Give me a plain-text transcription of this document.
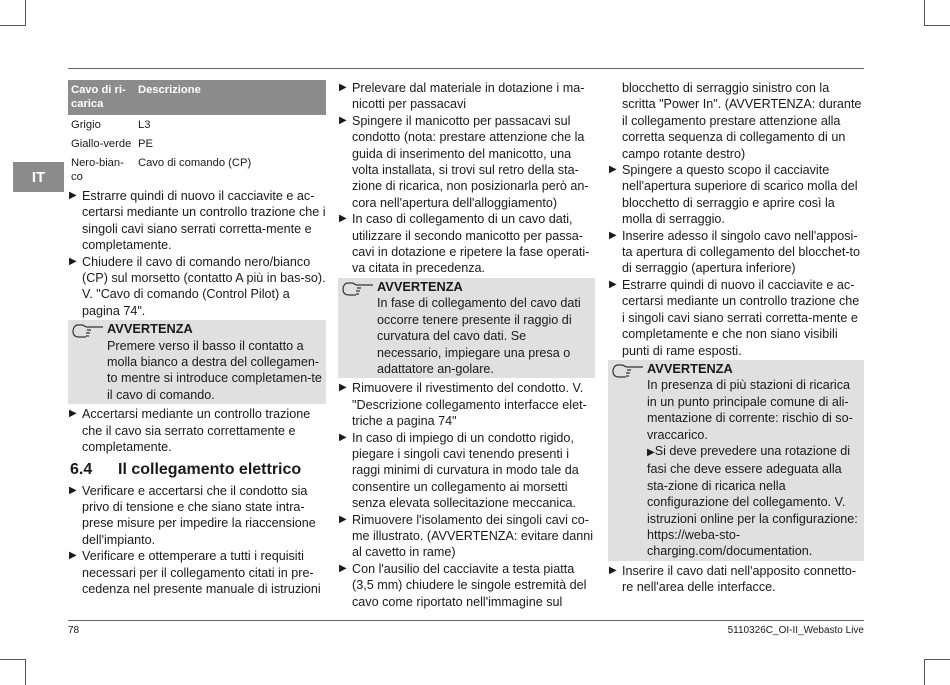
IT
Cavo di ri-carica	Descrizione
Grigio	L3
Giallo-verde	PE
Nero-bian-co	Cavo di comando (CP)
▶ Estrarre quindi di nuovo il cacciavite e ac-certarsi mediante un controllo trazione che i singoli cavi siano serrati corretta-mente e completamente.
▶ Chiudere il cavo di comando nero/bianco (CP) sul morsetto (contatto A più in bas-so). V. "Cavo di comando (Control Pilot) a pagina 74".
AVVERTENZA
Premere verso il basso il contatto a molla bianco a destra del collegamen-to mentre si introduce completamen-te il cavo di comando.
▶ Accertarsi mediante un controllo trazione che il cavo sia serrato correttamente e completamente.
6.4 Il collegamento elettrico
▶ Verificare e accertarsi che il condotto sia privo di tensione e che siano state intra-prese misure per impedire la riaccensione dell'impianto.
▶ Verificare e ottemperare a tutti i requisiti necessari per il collegamento citati in pre-cedenza nel presente manuale di istruzioni
▶ Prelevare dal materiale in dotazione i ma-nicotti per passacavi
▶ Spingere il manicotto per passacavi sul condotto (nota: prestare attenzione che la guida di inserimento del manicotto, una volta installata, si trovi sul retro della sta-zione di ricarica, non posizionarla però an-cora nell'apertura dell'alloggiamento)
▶ In caso di collegamento di un cavo dati, utilizzare il secondo manicotto per passa-cavi in dotazione e ripetere la fase operati-va citata in precedenza.
AVVERTENZA
In fase di collegamento del cavo dati occorre tenere presente il raggio di curvatura del cavo dati. Se necessario, impiegare una presa o adattatore an-golare.
▶ Rimuovere il rivestimento del condotto. V. "Descrizione collegamento interfacce elet-triche a pagina 74"
▶ In caso di impiego di un condotto rigido, piegare i singoli cavi tenendo presenti i raggi minimi di curvatura in modo tale da consentire un collegamento ai morsetti senza elevata sollecitazione meccanica.
▶ Rimuovere l'isolamento dei singoli cavi co-me illustrato. (AVVERTENZA: evitare danni al cavetto in rame)
▶ Con l'ausilio del cacciavite a testa piatta (3,5 mm) chiudere le singole estremità del cavo come riportato nell'immagine sul
blocchetto di serraggio sinistro con la scritta "Power In". (AVVERTENZA: durante il collegamento prestare attenzione alla corretta sequenza di collegamento di un campo rotante destro)
▶ Spingere a questo scopo il cacciavite nell'apertura superiore di scarico molla del blocchetto di serraggio e aprire così la molla di serraggio.
▶ Inserire adesso il singolo cavo nell'apposi-ta apertura di collegamento del blocchet-to di serraggio (apertura inferiore)
▶ Estrarre quindi di nuovo il cacciavite e ac-certarsi mediante un controllo trazione che i singoli cavi siano serrati corretta-mente e completamente e che non siano visibili punti di rame esposti.
AVVERTENZA
In presenza di più stazioni di ricarica in un punto principale comune di ali-mentazione di corrente: rischio di so-vraccarico.
▶Si deve prevedere una rotazione di fasi che deve essere adeguata alla sta-zione di ricarica nella configurazione del collegamento. V. istruzioni online per la configurazione: https://weba-sto-charging.com/documentation.
▶ Inserire il cavo dati nell'apposito connetto-re nell'area delle interfacce.
78	5110326C_OI-II_Webasto Live
